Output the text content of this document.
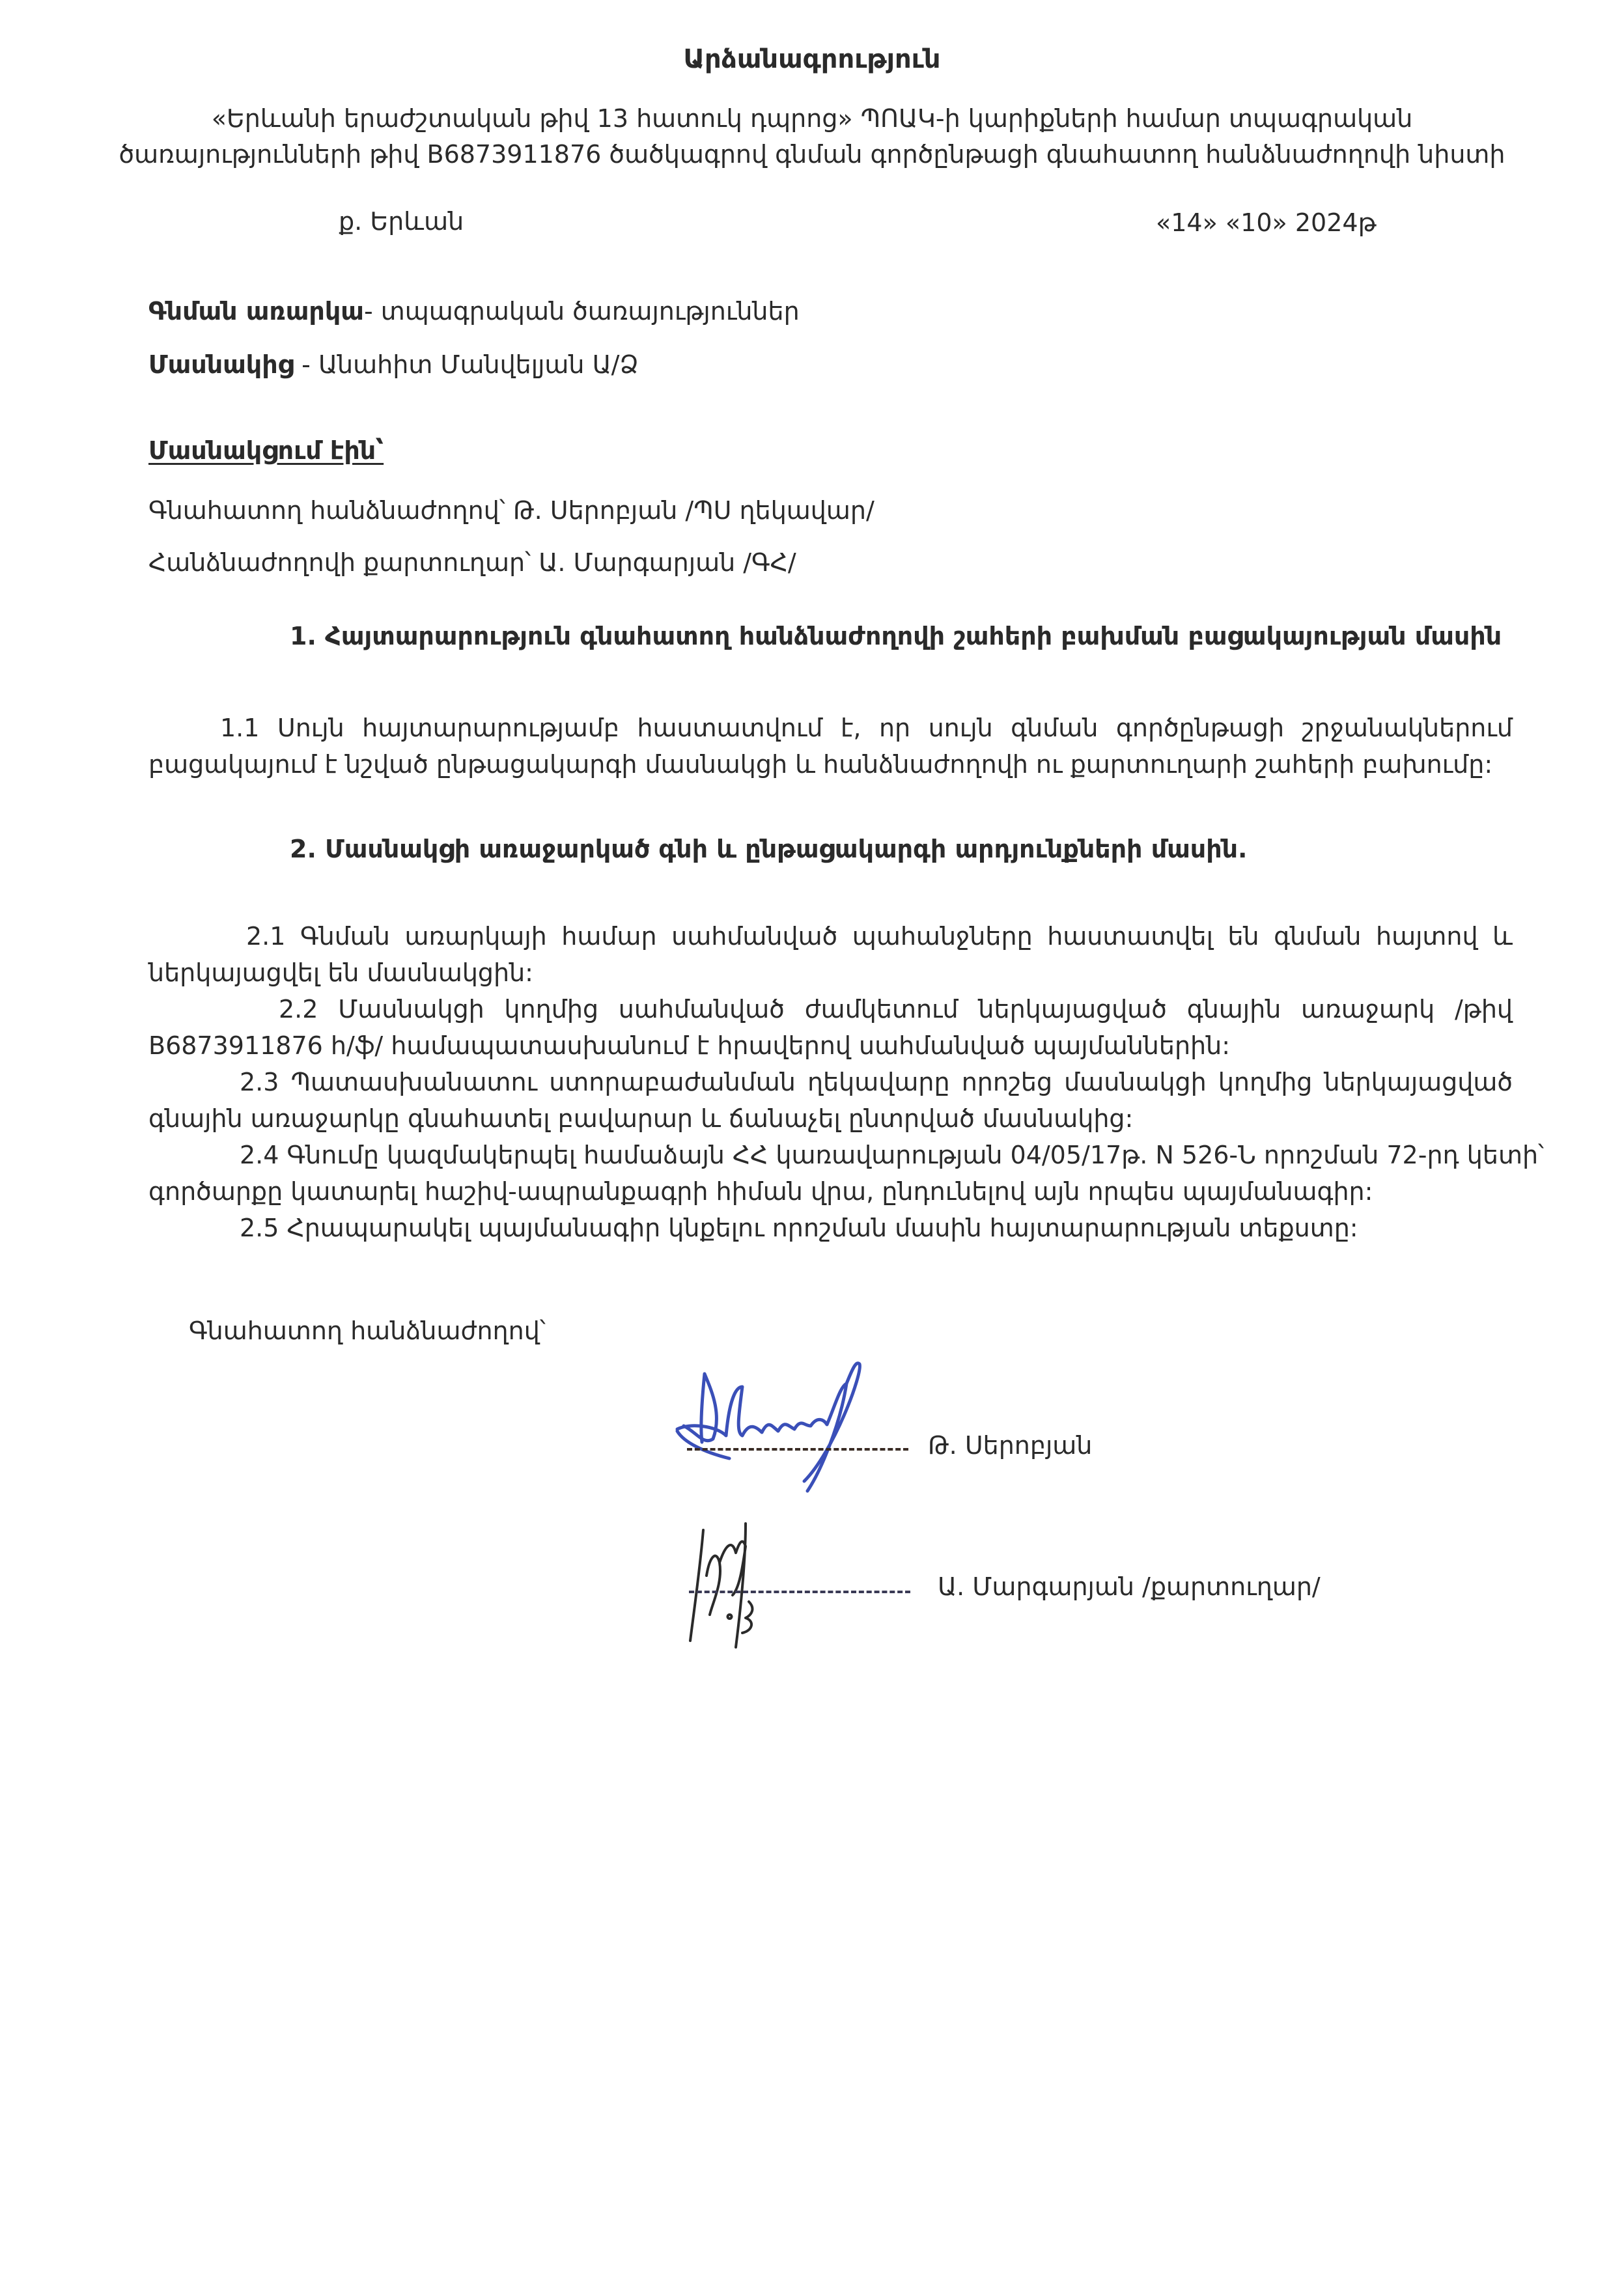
Արձանագրություն
«Երևանի երաժշտական թիվ 13 հատուկ դպրոց» ՊՈԱԿ-ի կարիքների համար տպագրական
ծառայությունների թիվ B6873911876 ծածկագրով գնման գործընթացի գնահատող հանձնաժողովի նիստի
ք. Երևան	«14» «10» 2024թ
Գնման առարկա- տպագրական ծառայություններ
Մասնակից - Անահիտ Մանվելյան Ա/Ձ
Մասնակցում էին՝
Գնահատող հանձնաժողով՝ Թ. Սերոբյան /ՊՍ ղեկավար/
Հանձնաժողովի քարտուղար՝ Ա. Մարգարյան /ԳՀ/
1. Հայտարարություն գնահատող հանձնաժողովի շահերի բախման բացակայության մասին
1.1 Սույն հայտարարությամբ հաստատվում է, որ սույն գնման գործընթացի շրջանակներում
բացակայում է նշված ընթացակարգի մասնակցի և հանձնաժողովի ու քարտուղարի շահերի բախումը:
2. Մասնակցի առաջարկած գնի և ընթացակարգի արդյունքների մասին.
2.1 Գնման առարկայի համար սահմանված պահանջները հաստատվել են գնման հայտով և
ներկայացվել են մասնակցին:
2.2 Մասնակցի կողմից սահմանված ժամկետում ներկայացված գնային առաջարկ /թիվ
B6873911876 հ/ֆ/ համապատասխանում է հրավերով սահմանված պայմաններին:
2.3 Պատասխանատու ստորաբաժանման ղեկավարը որոշեց մասնակցի կողմից ներկայացված
գնային առաջարկը գնահատել բավարար և ճանաչել ընտրված մասնակից:
2.4 Գնումը կազմակերպել համաձայն ՀՀ կառավարության 04/05/17թ. N 526-Ն որոշման 72-րդ կետի՝
գործարքը կատարել հաշիվ-ապրանքագրի հիման վրա, ընդունելով այն որպես պայմանագիր:
2.5 Հրապարակել պայմանագիր կնքելու որոշման մասին հայտարարության տեքստը:
Գնահատող հանձնաժողով՝
Թ. Սերոբյան
Ա. Մարգարյան /քարտուղար/
